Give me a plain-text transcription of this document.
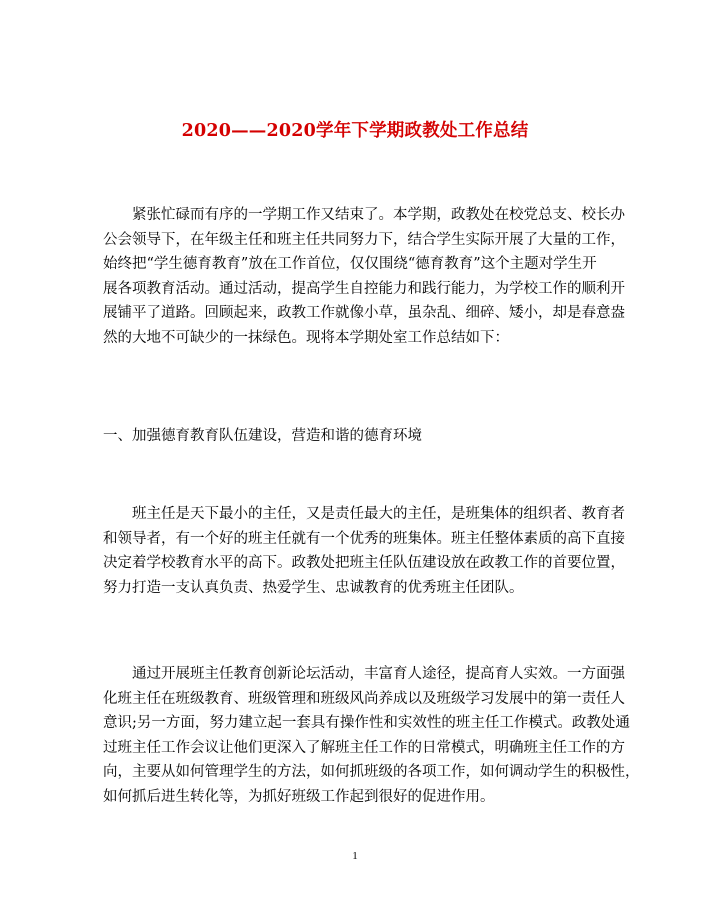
2020——2020学年下学期政教处工作总结
紧张忙碌而有序的一学期工作又结束了。本学期，政教处在校党总支、校长办
公会领导下，在年级主任和班主任共同努力下，结合学生实际开展了大量的工作，
始终把“学生德育教育”放在工作首位，仅仅围绕“德育教育”这个主题对学生开
展各项教育活动。通过活动，提高学生自控能力和践行能力，为学校工作的顺利开
展铺平了道路。回顾起来，政教工作就像小草，虽杂乱、细碎、矮小，却是春意盎
然的大地不可缺少的一抹绿色。现将本学期处室工作总结如下：
一、加强德育教育队伍建设，营造和谐的德育环境
班主任是天下最小的主任，又是责任最大的主任，是班集体的组织者、教育者
和领导者，有一个好的班主任就有一个优秀的班集体。班主任整体素质的高下直接
决定着学校教育水平的高下。政教处把班主任队伍建设放在政教工作的首要位置，
努力打造一支认真负责、热爱学生、忠诚教育的优秀班主任团队。
通过开展班主任教育创新论坛活动，丰富育人途径，提高育人实效。一方面强
化班主任在班级教育、班级管理和班级风尚养成以及班级学习发展中的第一责任人
意识;另一方面，努力建立起一套具有操作性和实效性的班主任工作模式。政教处通
过班主任工作会议让他们更深入了解班主任工作的日常模式，明确班主任工作的方
向，主要从如何管理学生的方法，如何抓班级的各项工作，如何调动学生的积极性，
如何抓后进生转化等，为抓好班级工作起到很好的促进作用。
1
